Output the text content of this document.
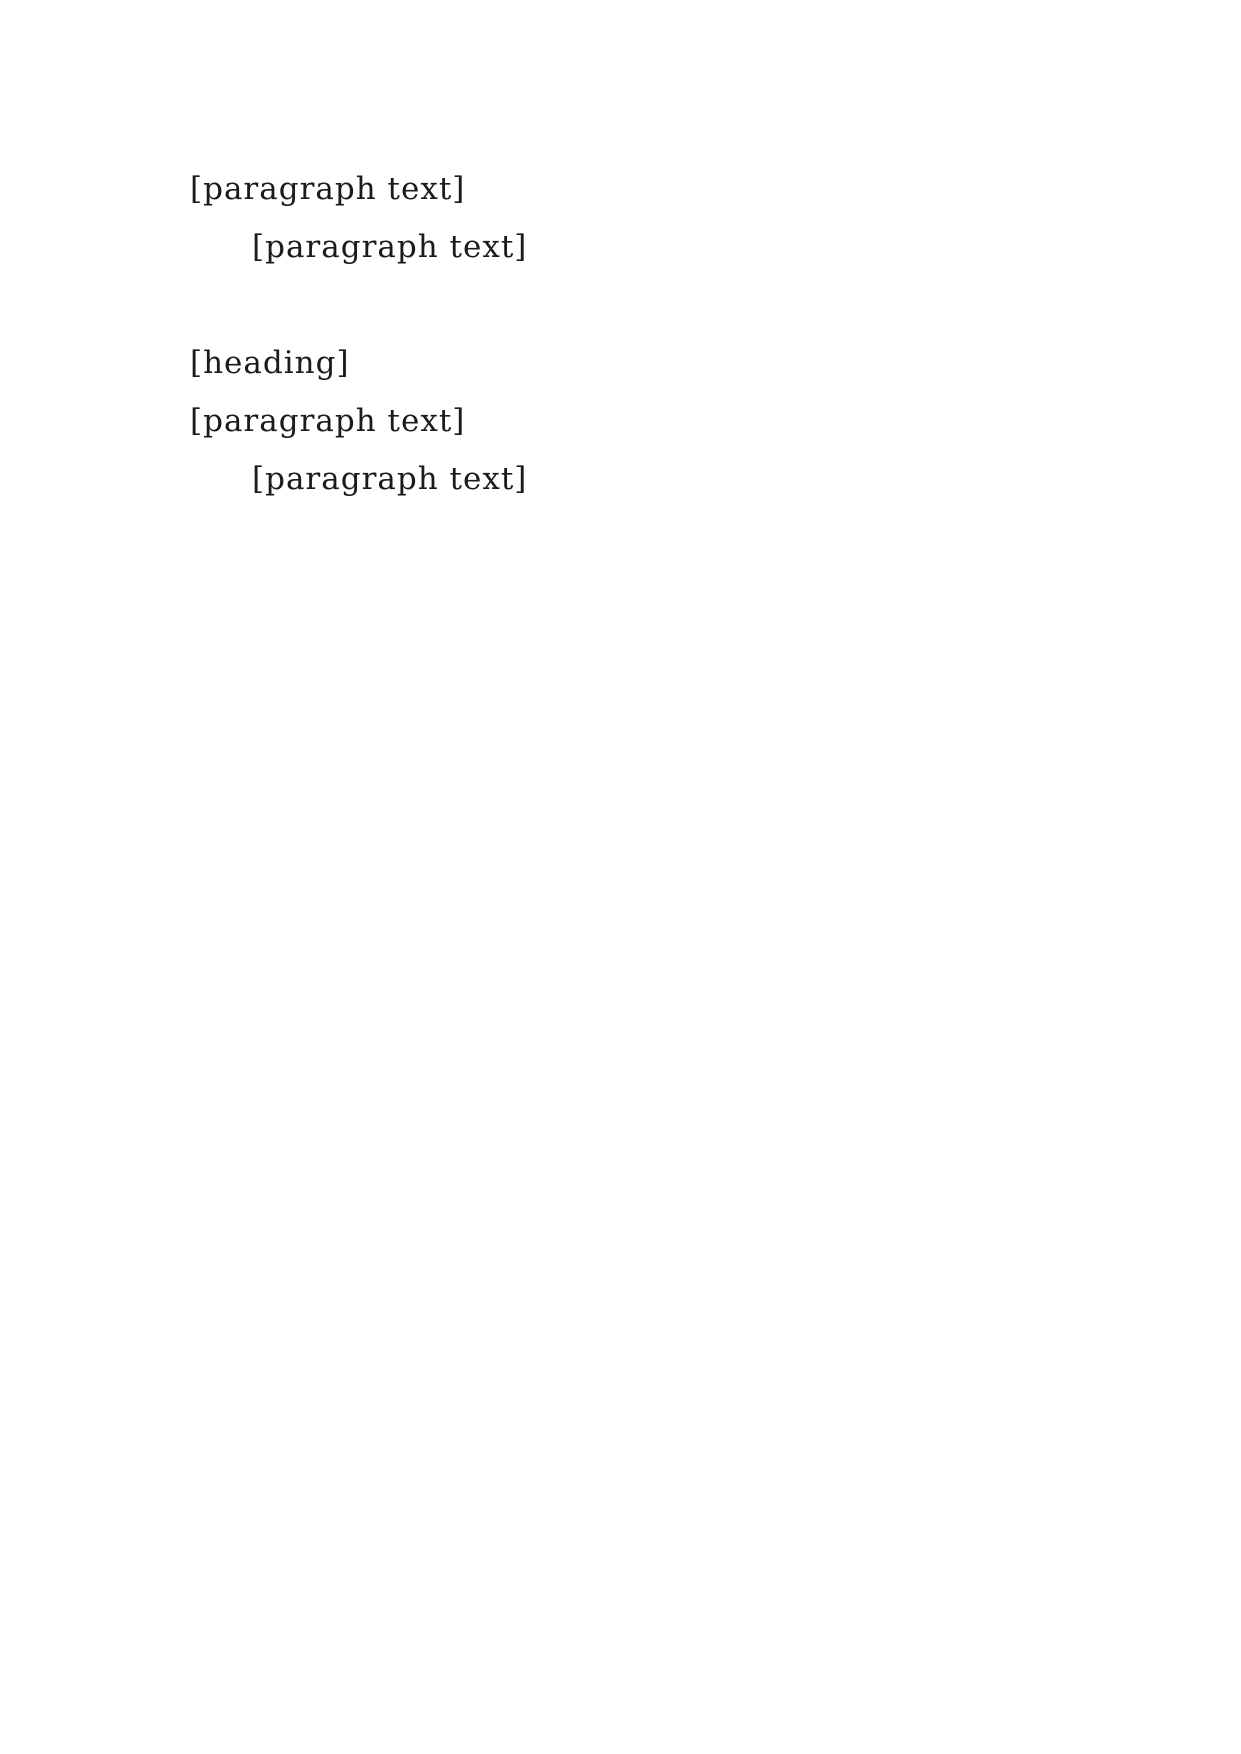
[paragraph text]

[paragraph text]

[heading]

[paragraph text]

[paragraph text]
